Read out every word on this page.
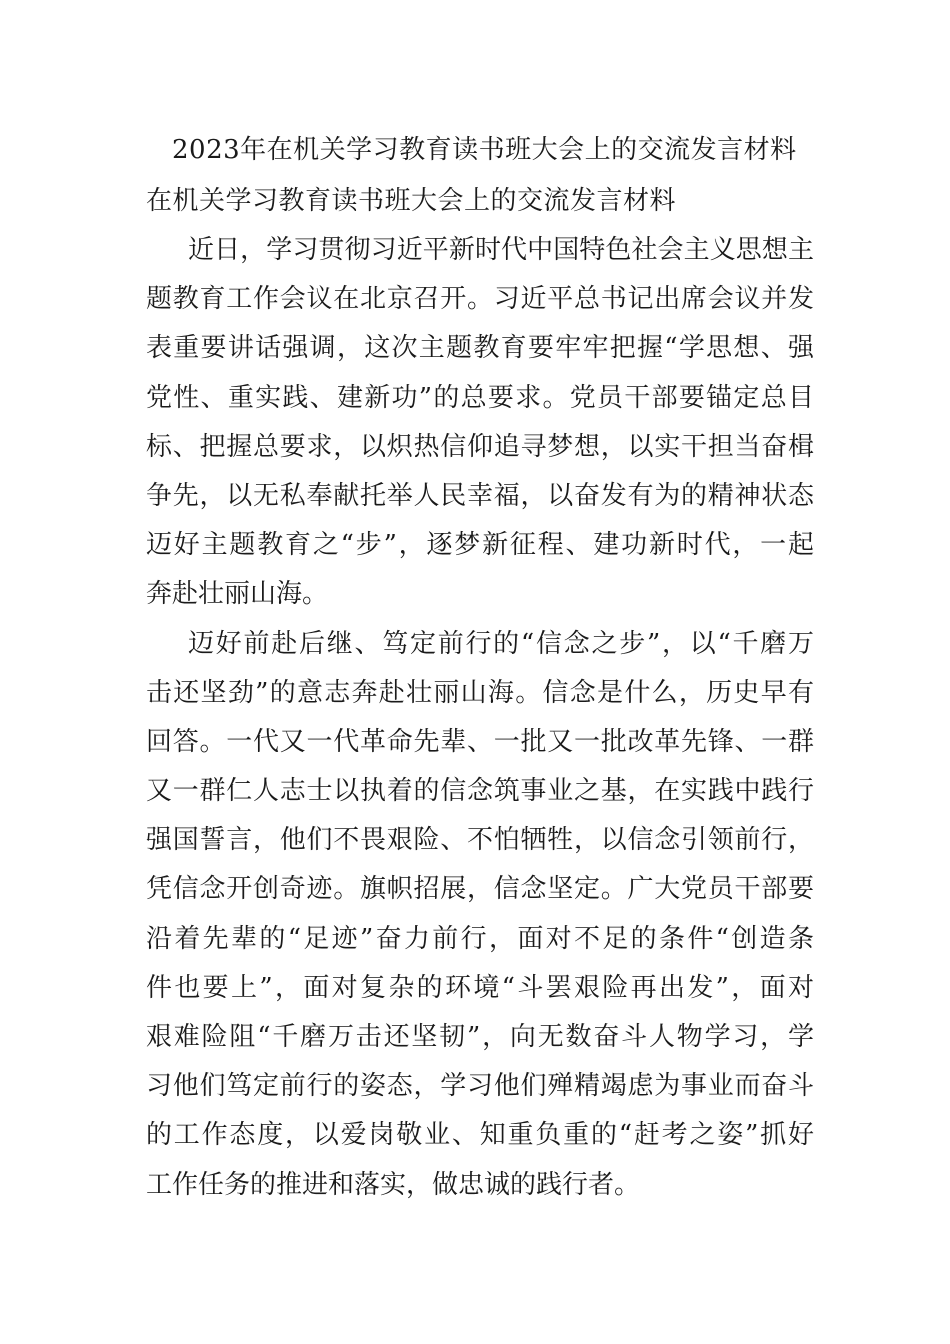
2023年在机关学习教育读书班大会上的交流发言材料
在机关学习教育读书班大会上的交流发言材料
近日，学习贯彻习近平新时代中国特色社会主义思想主
题教育工作会议在北京召开。习近平总书记出席会议并发
表重要讲话强调，这次主题教育要牢牢把握“学思想、强
党性、重实践、建新功”的总要求。党员干部要锚定总目
标、把握总要求，以炽热信仰追寻梦想，以实干担当奋楫
争先，以无私奉献托举人民幸福，以奋发有为的精神状态
迈好主题教育之“步”，逐梦新征程、建功新时代，一起
奔赴壮丽山海。
迈好前赴后继、笃定前行的“信念之步”，以“千磨万
击还坚劲”的意志奔赴壮丽山海。信念是什么，历史早有
回答。一代又一代革命先辈、一批又一批改革先锋、一群
又一群仁人志士以执着的信念筑事业之基，在实践中践行
强国誓言，他们不畏艰险、不怕牺牲，以信念引领前行，
凭信念开创奇迹。旗帜招展，信念坚定。广大党员干部要
沿着先辈的“足迹”奋力前行，面对不足的条件“创造条
件也要上”，面对复杂的环境“斗罢艰险再出发”，面对
艰难险阻“千磨万击还坚韧”，向无数奋斗人物学习，学
习他们笃定前行的姿态，学习他们殚精竭虑为事业而奋斗
的工作态度，以爱岗敬业、知重负重的“赶考之姿”抓好
工作任务的推进和落实，做忠诚的践行者。
